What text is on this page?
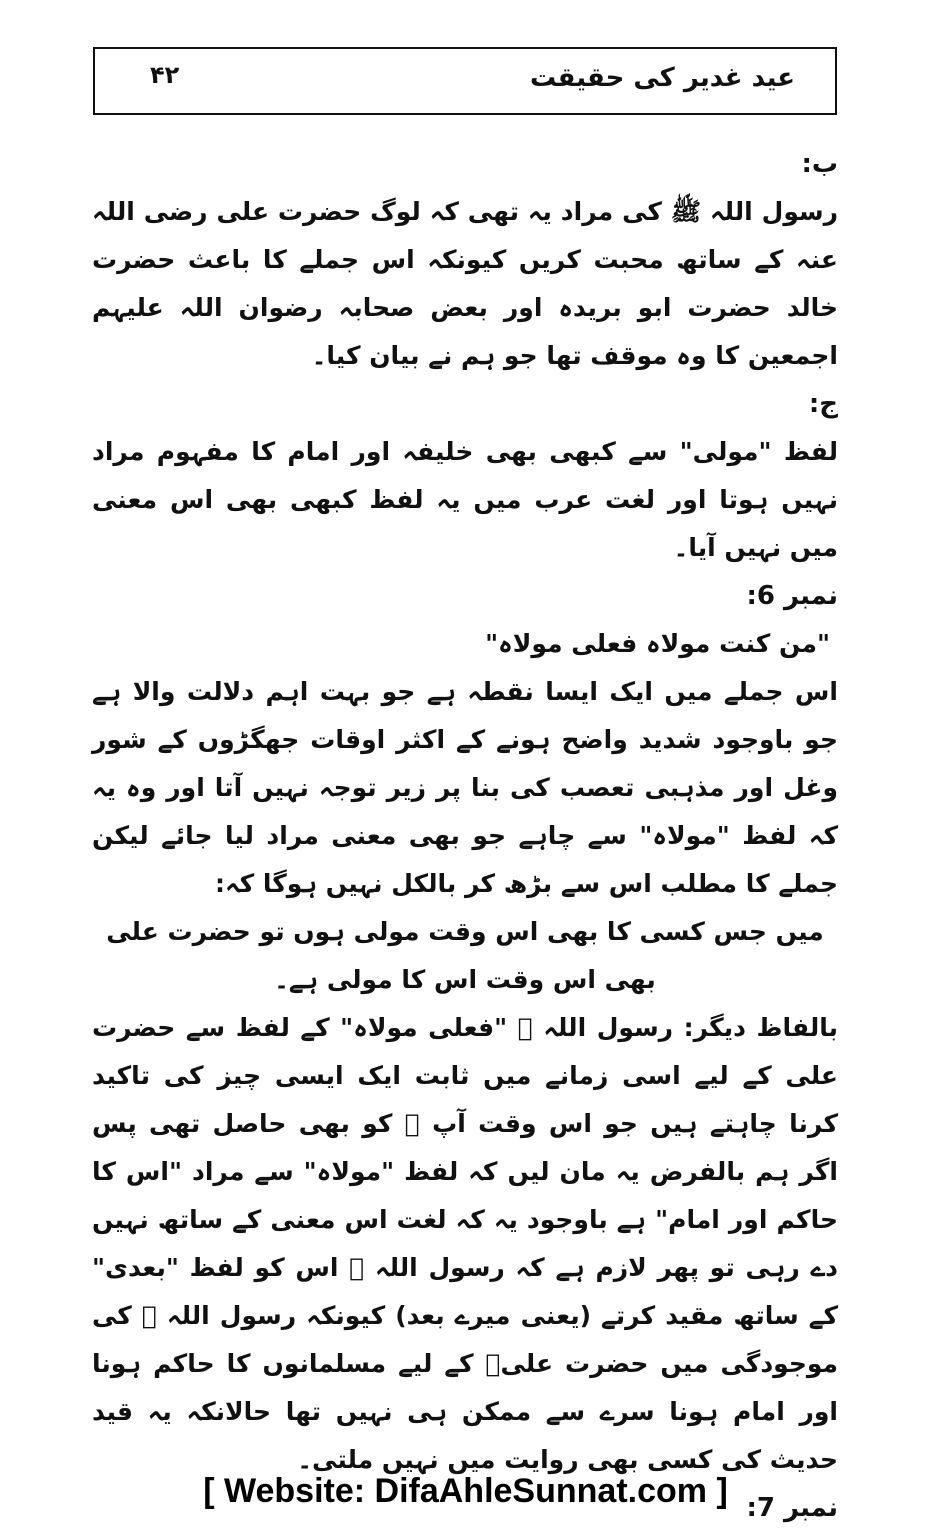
عید غدیر کی حقیقت
۴۲

ب:

رسول اللہ ﷺ کی مراد یہ تھی کہ لوگ حضرت علی رضی اللہ عنہ کے ساتھ محبت کریں کیونکہ اس جملے کا باعث حضرت خالد حضرت ابو بریدہ اور بعض صحابہ رضوان اللہ علیہم اجمعین کا وہ موقف تھا جو ہم نے بیان کیا۔

ج:

لفظ "مولی" سے کبھی بھی خلیفہ اور امام کا مفہوم مراد نہیں ہوتا اور لغت عرب میں یہ لفظ کبھی بھی اس معنی میں نہیں آیا۔

نمبر 6:

"من کنت مولاہ فعلی مولاہ"

اس جملے میں ایک ایسا نقطہ ہے جو بہت اہم دلالت والا ہے جو باوجود شدید واضح ہونے کے اکثر اوقات جھگڑوں کے شور وغل اور مذہبی تعصب کی بنا پر زیر توجہ نہیں آتا اور وہ یہ کہ لفظ "مولاہ" سے چاہے جو بھی معنی مراد لیا جائے لیکن جملے کا مطلب اس سے بڑھ کر بالکل نہیں ہوگا کہ:

میں جس کسی کا بھی اس وقت مولی ہوں تو حضرت علی بھی اس وقت اس کا مولی ہے۔

بالفاظ دیگر: رسول اللہ ﷺ "فعلی مولاہ" کے لفظ سے حضرت علی کے لیے اسی زمانے میں ثابت ایک ایسی چیز کی تاکید کرنا چاہتے ہیں جو اس وقت آپ ﷺ کو بھی حاصل تھی پس اگر ہم بالفرض یہ مان لیں کہ لفظ "مولاہ" سے مراد "اس کا حاکم اور امام" ہے باوجود یہ کہ لغت اس معنی کے ساتھ نہیں دے رہی تو پھر لازم ہے کہ رسول اللہ ﷺ اس کو لفظ "بعدی" کے ساتھ مقید کرتے (یعنی میرے بعد) کیونکہ رسول اللہ ﷺ کی موجودگی میں حضرت علیؓ کے لیے مسلمانوں کا حاکم ہونا اور امام ہونا سرے سے ممکن ہی نہیں تھا حالانکہ یہ قید حدیث کی کسی بھی روایت میں نہیں ملتی۔

نمبر 7:

[ Website: DifaAhleSunnat.com ]
